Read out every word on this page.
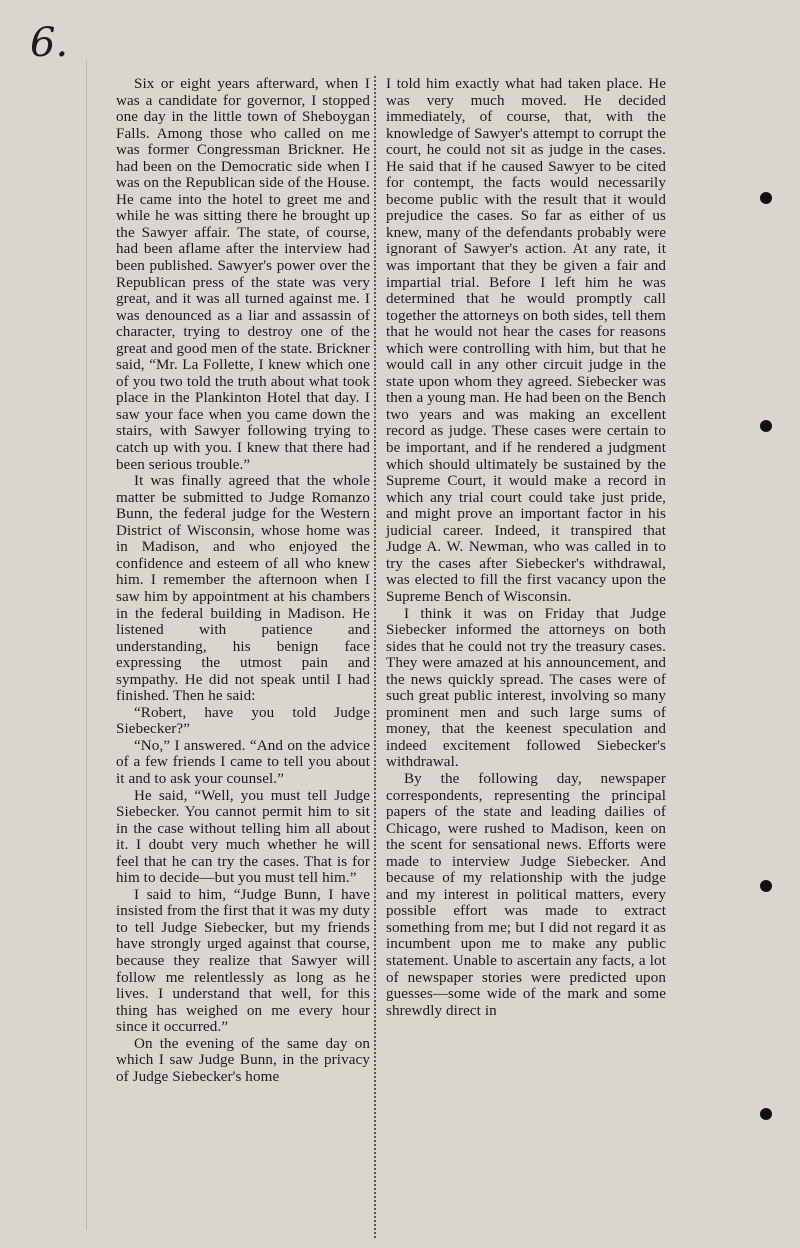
6.

Six or eight years afterward, when I was a candidate for governor, I stopped one day in the little town of Sheboygan Falls. Among those who called on me was former Congressman Brickner. He had been on the Democratic side when I was on the Republican side of the House. He came into the hotel to greet me and while he was sitting there he brought up the Sawyer affair. The state, of course, had been aflame after the interview had been published. Sawyer's power over the Republican press of the state was very great, and it was all turned against me. I was denounced as a liar and assassin of character, trying to destroy one of the great and good men of the state. Brickner said, “Mr. La Follette, I knew which one of you two told the truth about what took place in the Plankinton Hotel that day. I saw your face when you came down the stairs, with Sawyer following trying to catch up with you. I knew that there had been serious trouble.”

It was finally agreed that the whole matter be submitted to Judge Romanzo Bunn, the federal judge for the Western District of Wisconsin, whose home was in Madison, and who enjoyed the confidence and esteem of all who knew him. I remember the afternoon when I saw him by appointment at his chambers in the federal building in Madison. He listened with patience and understanding, his benign face expressing the utmost pain and sympathy. He did not speak until I had finished. Then he said:

“Robert, have you told Judge Siebecker?”

“No,” I answered. “And on the advice of a few friends I came to tell you about it and to ask your counsel.”

He said, “Well, you must tell Judge Siebecker. You cannot permit him to sit in the case without telling him all about it. I doubt very much whether he will feel that he can try the cases. That is for him to decide—but you must tell him.”

I said to him, “Judge Bunn, I have insisted from the first that it was my duty to tell Judge Siebecker, but my friends have strongly urged against that course, because they realize that Sawyer will follow me relentlessly as long as he lives. I understand that well, for this thing has weighed on me every hour since it occurred.”

On the evening of the same day on which I saw Judge Bunn, in the privacy of Judge Siebecker's home

I told him exactly what had taken place. He was very much moved. He decided immediately, of course, that, with the knowledge of Sawyer's attempt to corrupt the court, he could not sit as judge in the cases. He said that if he caused Sawyer to be cited for contempt, the facts would necessarily become public with the result that it would prejudice the cases. So far as either of us knew, many of the defendants probably were ignorant of Sawyer's action. At any rate, it was important that they be given a fair and impartial trial. Before I left him he was determined that he would promptly call together the attorneys on both sides, tell them that he would not hear the cases for reasons which were controlling with him, but that he would call in any other circuit judge in the state upon whom they agreed. Siebecker was then a young man. He had been on the Bench two years and was making an excellent record as judge. These cases were certain to be important, and if he rendered a judgment which should ultimately be sustained by the Supreme Court, it would make a record in which any trial court could take just pride, and might prove an important factor in his judicial career. Indeed, it transpired that Judge A. W. Newman, who was called in to try the cases after Siebecker's withdrawal, was elected to fill the first vacancy upon the Supreme Bench of Wisconsin.

I think it was on Friday that Judge Siebecker informed the attorneys on both sides that he could not try the treasury cases. They were amazed at his announcement, and the news quickly spread. The cases were of such great public interest, involving so many prominent men and such large sums of money, that the keenest speculation and indeed excitement followed Siebecker's withdrawal.

By the following day, newspaper correspondents, representing the principal papers of the state and leading dailies of Chicago, were rushed to Madison, keen on the scent for sensational news. Efforts were made to interview Judge Siebecker. And because of my relationship with the judge and my interest in political matters, every possible effort was made to extract something from me; but I did not regard it as incumbent upon me to make any public statement. Unable to ascertain any facts, a lot of newspaper stories were predicted upon guesses—some wide of the mark and some shrewdly direct in
